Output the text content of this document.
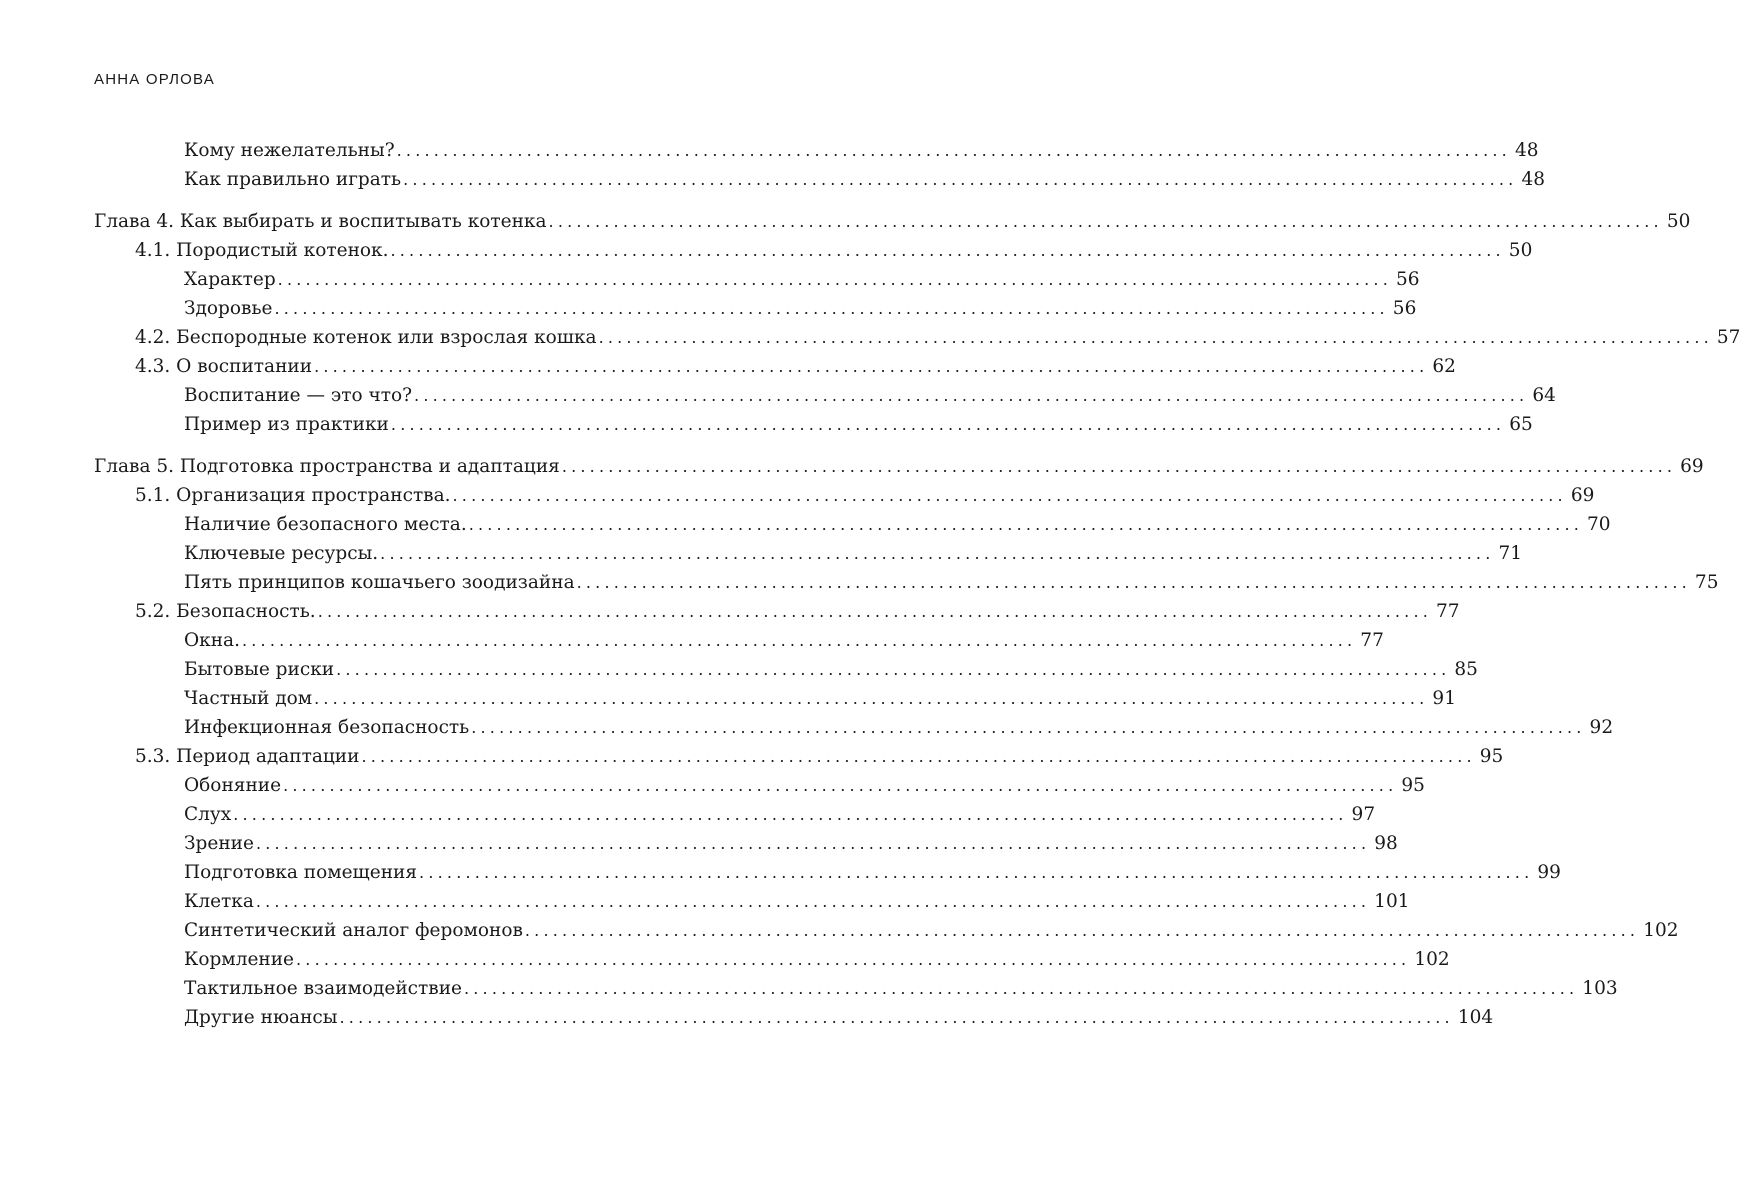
АННА ОРЛОВА
Кому нежелательны? ........................................................................................................................ 48
Как правильно играть ........................................................................................................................ 48
Глава 4. Как выбирать и воспитывать котенка ........................................................................................................................ 50
4.1. Породистый котенок. ........................................................................................................................ 50
Характер ........................................................................................................................ 56
Здоровье ........................................................................................................................ 56
4.2. Беспородные котенок или взрослая кошка ........................................................................................................................ 57
4.3. О воспитании ........................................................................................................................ 62
Воспитание — это что? ........................................................................................................................ 64
Пример из практики ........................................................................................................................ 65
Глава 5. Подготовка пространства и адаптация ........................................................................................................................ 69
5.1. Организация пространства. ........................................................................................................................ 69
Наличие безопасного места. ........................................................................................................................ 70
Ключевые ресурсы. ........................................................................................................................ 71
Пять принципов кошачьего зоодизайна ........................................................................................................................ 75
5.2. Безопасность. ........................................................................................................................ 77
Окна. ........................................................................................................................ 77
Бытовые риски ........................................................................................................................ 85
Частный дом ........................................................................................................................ 91
Инфекционная безопасность ........................................................................................................................ 92
5.3. Период адаптации ........................................................................................................................ 95
Обоняние ........................................................................................................................ 95
Слух ........................................................................................................................ 97
Зрение ........................................................................................................................ 98
Подготовка помещения ........................................................................................................................ 99
Клетка ........................................................................................................................ 101
Синтетический аналог феромонов ........................................................................................................................ 102
Кормление ........................................................................................................................ 102
Тактильное взаимодействие ........................................................................................................................ 103
Другие нюансы ........................................................................................................................ 104
